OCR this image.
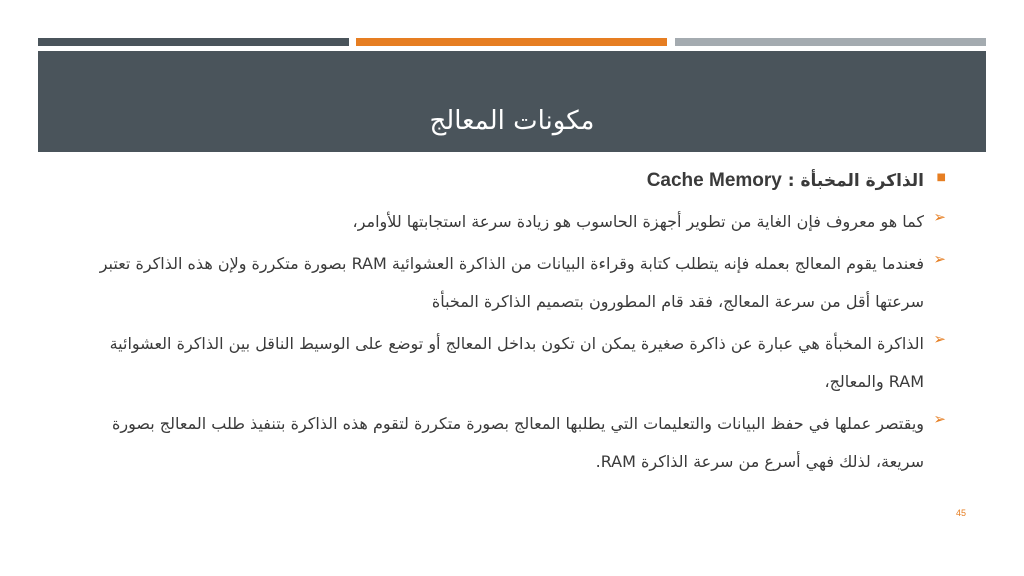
مكونات المعالج
■
الذاكرة المخبأة : Cache Memory
➢
كما هو معروف فإن الغاية من تطوير أجهزة الحاسوب هو زيادة سرعة استجابتها للأوامر،
➢
فعندما يقوم المعالج بعمله فإنه يتطلب كتابة وقراءة البيانات من الذاكرة العشوائية RAM بصورة متكررة ولإن هذه الذاكرة تعتبر سرعتها أقل من سرعة المعالج، فقد قام المطورون بتصميم الذاكرة المخبأة
➢
الذاكرة المخبأة هي عبارة عن ذاكرة صغيرة يمكن ان تكون بداخل المعالج أو توضع على الوسيط الناقل بين الذاكرة العشوائية RAM والمعالج،
➢
ويقتصر عملها في حفظ البيانات والتعليمات التي يطلبها المعالج بصورة متكررة لتقوم هذه الذاكرة بتنفيذ طلب المعالج بصورة سريعة، لذلك فهي أسرع من سرعة الذاكرة RAM.
45
